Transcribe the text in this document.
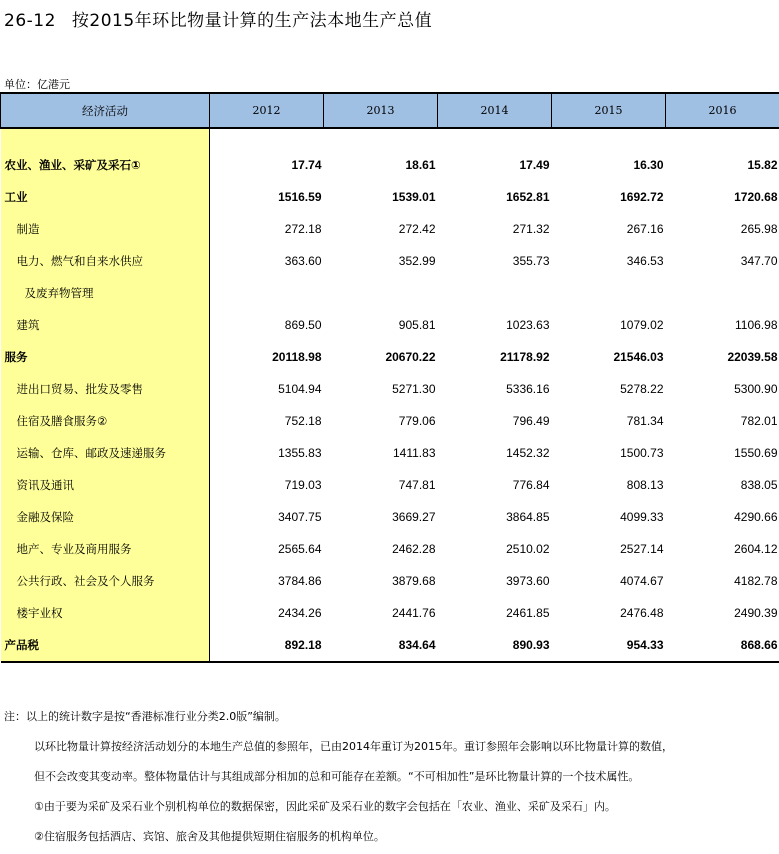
26-12 按2015年环比物量计算的生产法本地生产总值
单位：亿港元
经济活动	2012	2013	2014	2015	2016

农业、渔业、采矿及采石①	17.74	18.61	17.49	16.30	15.82
工业	1516.59	1539.01	1652.81	1692.72	1720.68
制造	272.18	272.42	271.32	267.16	265.98
电力、燃气和自来水供应	363.60	352.99	355.73	346.53	347.70
及废弃物管理					
建筑	869.50	905.81	1023.63	1079.02	1106.98
服务	20118.98	20670.22	21178.92	21546.03	22039.58
进出口贸易、批发及零售	5104.94	5271.30	5336.16	5278.22	5300.90
住宿及膳食服务②	752.18	779.06	796.49	781.34	782.01
运输、仓库、邮政及速递服务	1355.83	1411.83	1452.32	1500.73	1550.69
资讯及通讯	719.03	747.81	776.84	808.13	838.05
金融及保险	3407.75	3669.27	3864.85	4099.33	4290.66
地产、专业及商用服务	2565.64	2462.28	2510.02	2527.14	2604.12
公共行政、社会及个人服务	3784.86	3879.68	3973.60	4074.67	4182.78
楼宇业权	2434.26	2441.76	2461.85	2476.48	2490.39
产品税	892.18	834.64	890.93	954.33	868.66
注：以上的统计数字是按“香港标准行业分类2.0版”编制。
以环比物量计算按经济活动划分的本地生产总值的参照年，已由2014年重订为2015年。重订参照年会影响以环比物量计算的数值，
但不会改变其变动率。整体物量估计与其组成部分相加的总和可能存在差额。“不可相加性”是环比物量计算的一个技术属性。
①由于要为采矿及采石业个别机构单位的数据保密，因此采矿及采石业的数字会包括在「农业、渔业、采矿及采石」内。
②住宿服务包括酒店、宾馆、旅舍及其他提供短期住宿服务的机构单位。
